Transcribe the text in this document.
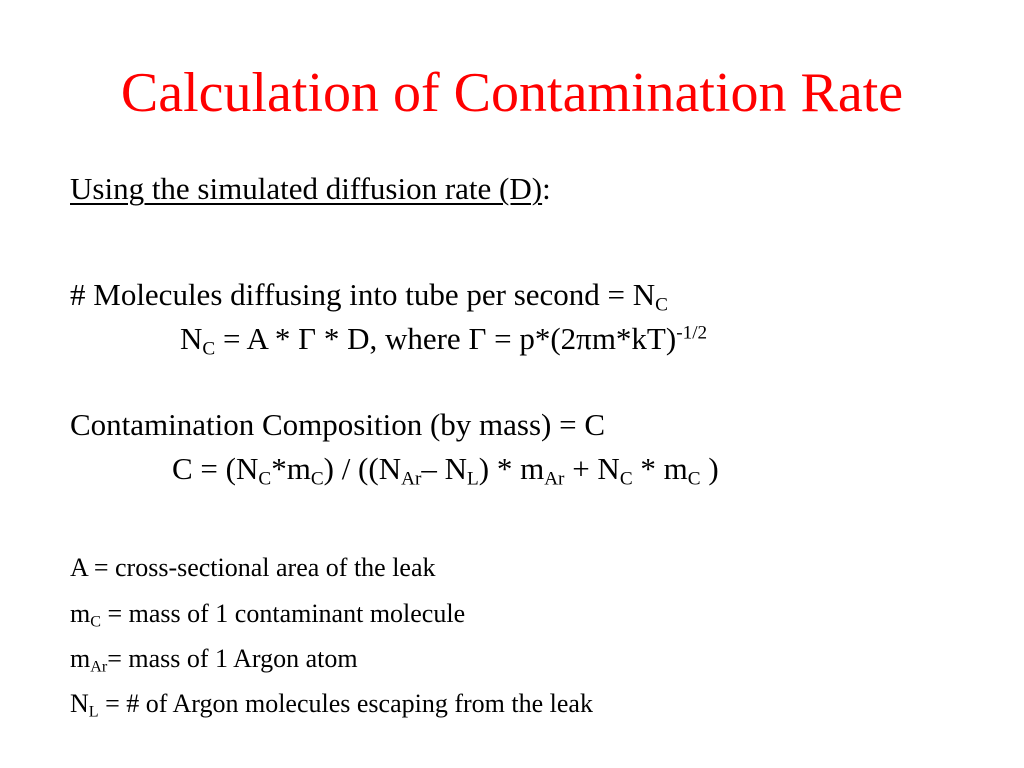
Calculation of Contamination Rate
Using the simulated diffusion rate (D):
# Molecules diffusing into tube per second = $N_C$
$N_C = A * \Gamma * D$, where $\Gamma = p*(2\pi m*kT)^{-1/2}$
Contamination Composition (by mass) = C
$C = (N_C*m_C) / ((N_{Ar}-$ $N_L) * m_{Ar} + N_C * m_C$ )
A = cross-sectional area of the leak
$m_C$ = mass of 1 contaminant molecule
$m_{Ar}=$ mass of 1 Argon atom
$N_L$ = # of Argon molecules escaping from the leak
